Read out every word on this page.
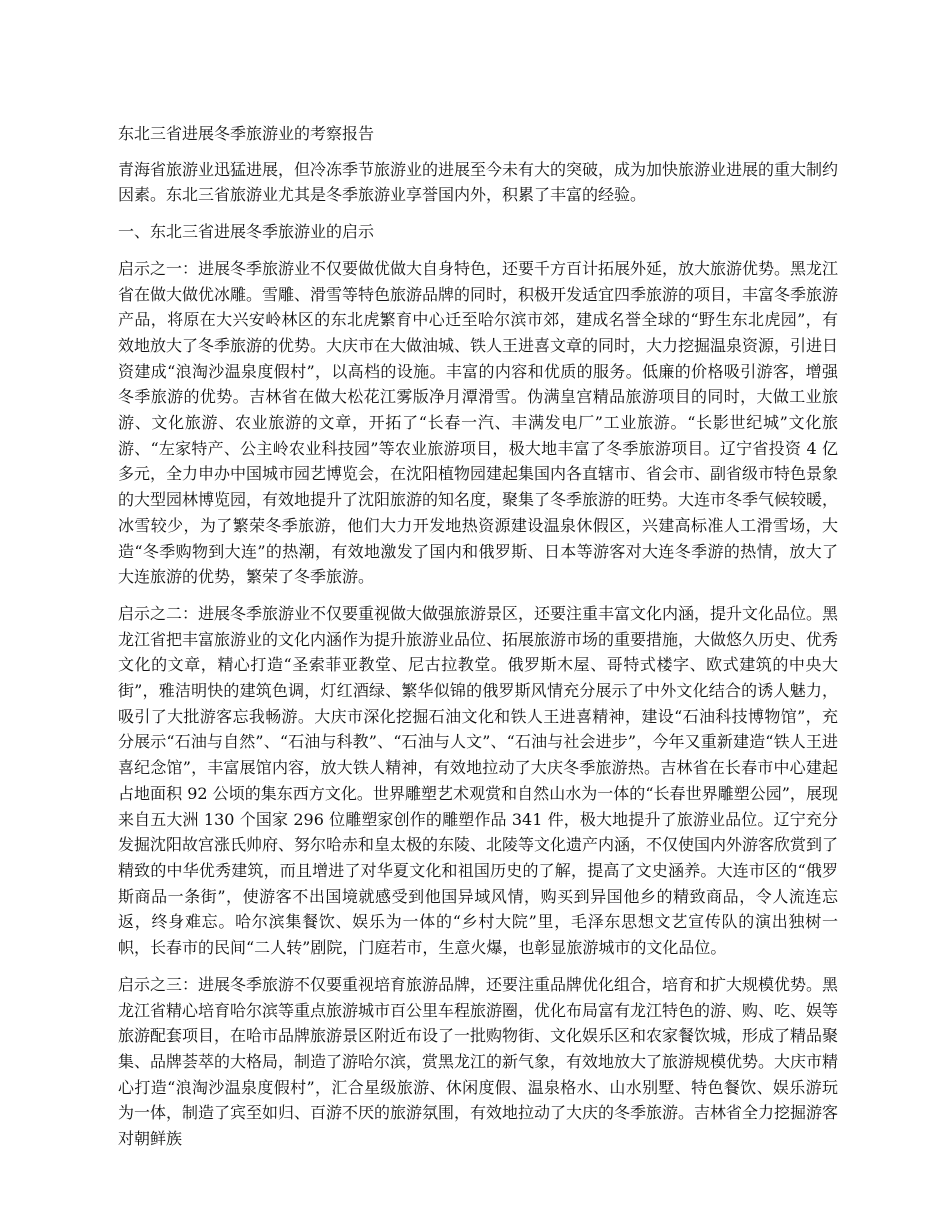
东北三省进展冬季旅游业的考察报告

青海省旅游业迅猛进展，但冷冻季节旅游业的进展至今未有大的突破，成为加快旅游业进展的重大制约因素。东北三省旅游业尤其是冬季旅游业享誉国内外，积累了丰富的经验。

一、东北三省进展冬季旅游业的启示

启示之一：进展冬季旅游业不仅要做优做大自身特色，还要千方百计拓展外延，放大旅游优势。黑龙江省在做大做优冰雕。雪雕、滑雪等特色旅游品牌的同时，积极开发适宜四季旅游的项目，丰富冬季旅游产品，将原在大兴安岭林区的东北虎繁育中心迁至哈尔滨市郊，建成名誉全球的“野生东北虎园”，有效地放大了冬季旅游的优势。大庆市在大做油城、铁人王进喜文章的同时，大力挖掘温泉资源，引进日资建成“浪淘沙温泉度假村”，以高档的设施。丰富的内容和优质的服务。低廉的价格吸引游客，增强冬季旅游的优势。吉林省在做大松花江雾版净月潭滑雪。伪满皇宫精品旅游项目的同时，大做工业旅游、文化旅游、农业旅游的文章，开拓了“长春一汽、丰满发电厂”工业旅游。“长影世纪城”文化旅游、“左家特产、公主岭农业科技园”等农业旅游项目，极大地丰富了冬季旅游项目。辽宁省投资 4 亿多元，全力申办中国城市园艺博览会，在沈阳植物园建起集国内各直辖市、省会市、副省级市特色景象的大型园林博览园，有效地提升了沈阳旅游的知名度，聚集了冬季旅游的旺势。大连市冬季气候较暖，冰雪较少，为了繁荣冬季旅游，他们大力开发地热资源建设温泉休假区，兴建高标准人工滑雪场，大造“冬季购物到大连”的热潮，有效地激发了国内和俄罗斯、日本等游客对大连冬季游的热情，放大了大连旅游的优势，繁荣了冬季旅游。

启示之二：进展冬季旅游业不仅要重视做大做强旅游景区，还要注重丰富文化内涵，提升文化品位。黑龙江省把丰富旅游业的文化内涵作为提升旅游业品位、拓展旅游市场的重要措施，大做悠久历史、优秀文化的文章，精心打造“圣索菲亚教堂、尼古拉教堂。俄罗斯木屋、哥特式楼字、欧式建筑的中央大街”，雅洁明快的建筑色调，灯红酒绿、繁华似锦的俄罗斯风情充分展示了中外文化结合的诱人魅力，吸引了大批游客忘我畅游。大庆市深化挖掘石油文化和铁人王进喜精神，建设“石油科技博物馆”，充分展示“石油与自然”、“石油与科教”、“石油与人文”、“石油与社会进步”，今年又重新建造“铁人王进喜纪念馆”，丰富展馆内容，放大铁人精神，有效地拉动了大庆冬季旅游热。吉林省在长春市中心建起占地面积 92 公顷的集东西方文化。世界雕塑艺术观赏和自然山水为一体的“长春世界雕塑公园”，展现来自五大洲 130 个国家 296 位雕塑家创作的雕塑作品 341 件，极大地提升了旅游业品位。辽宁充分发掘沈阳故宫涨氏帅府、努尔哈赤和皇太极的东陵、北陵等文化遗产内涵，不仅使国内外游客欣赏到了精致的中华优秀建筑，而且增进了对华夏文化和祖国历史的了解，提高了文史涵养。大连市区的“俄罗斯商品一条街”，使游客不出国境就感受到他国异域风情，购买到异国他乡的精致商品，令人流连忘返，终身难忘。哈尔滨集餐饮、娱乐为一体的“乡村大院”里，毛泽东思想文艺宣传队的演出独树一帜，长春市的民间“二人转”剧院，门庭若市，生意火爆，也彰显旅游城市的文化品位。

启示之三：进展冬季旅游不仅要重视培育旅游品牌，还要注重品牌优化组合，培育和扩大规模优势。黑龙江省精心培育哈尔滨等重点旅游城市百公里车程旅游圈，优化布局富有龙江特色的游、购、吃、娱等旅游配套项目，在哈市品牌旅游景区附近布设了一批购物街、文化娱乐区和农家餐饮城，形成了精品聚集、品牌荟萃的大格局，制造了游哈尔滨，赏黑龙江的新气象，有效地放大了旅游规模优势。大庆市精心打造“浪淘沙温泉度假村”，汇合星级旅游、休闲度假、温泉格水、山水别墅、特色餐饮、娱乐游玩为一体，制造了宾至如归、百游不厌的旅游氛围，有效地拉动了大庆的冬季旅游。吉林省全力挖掘游客对朝鲜族
